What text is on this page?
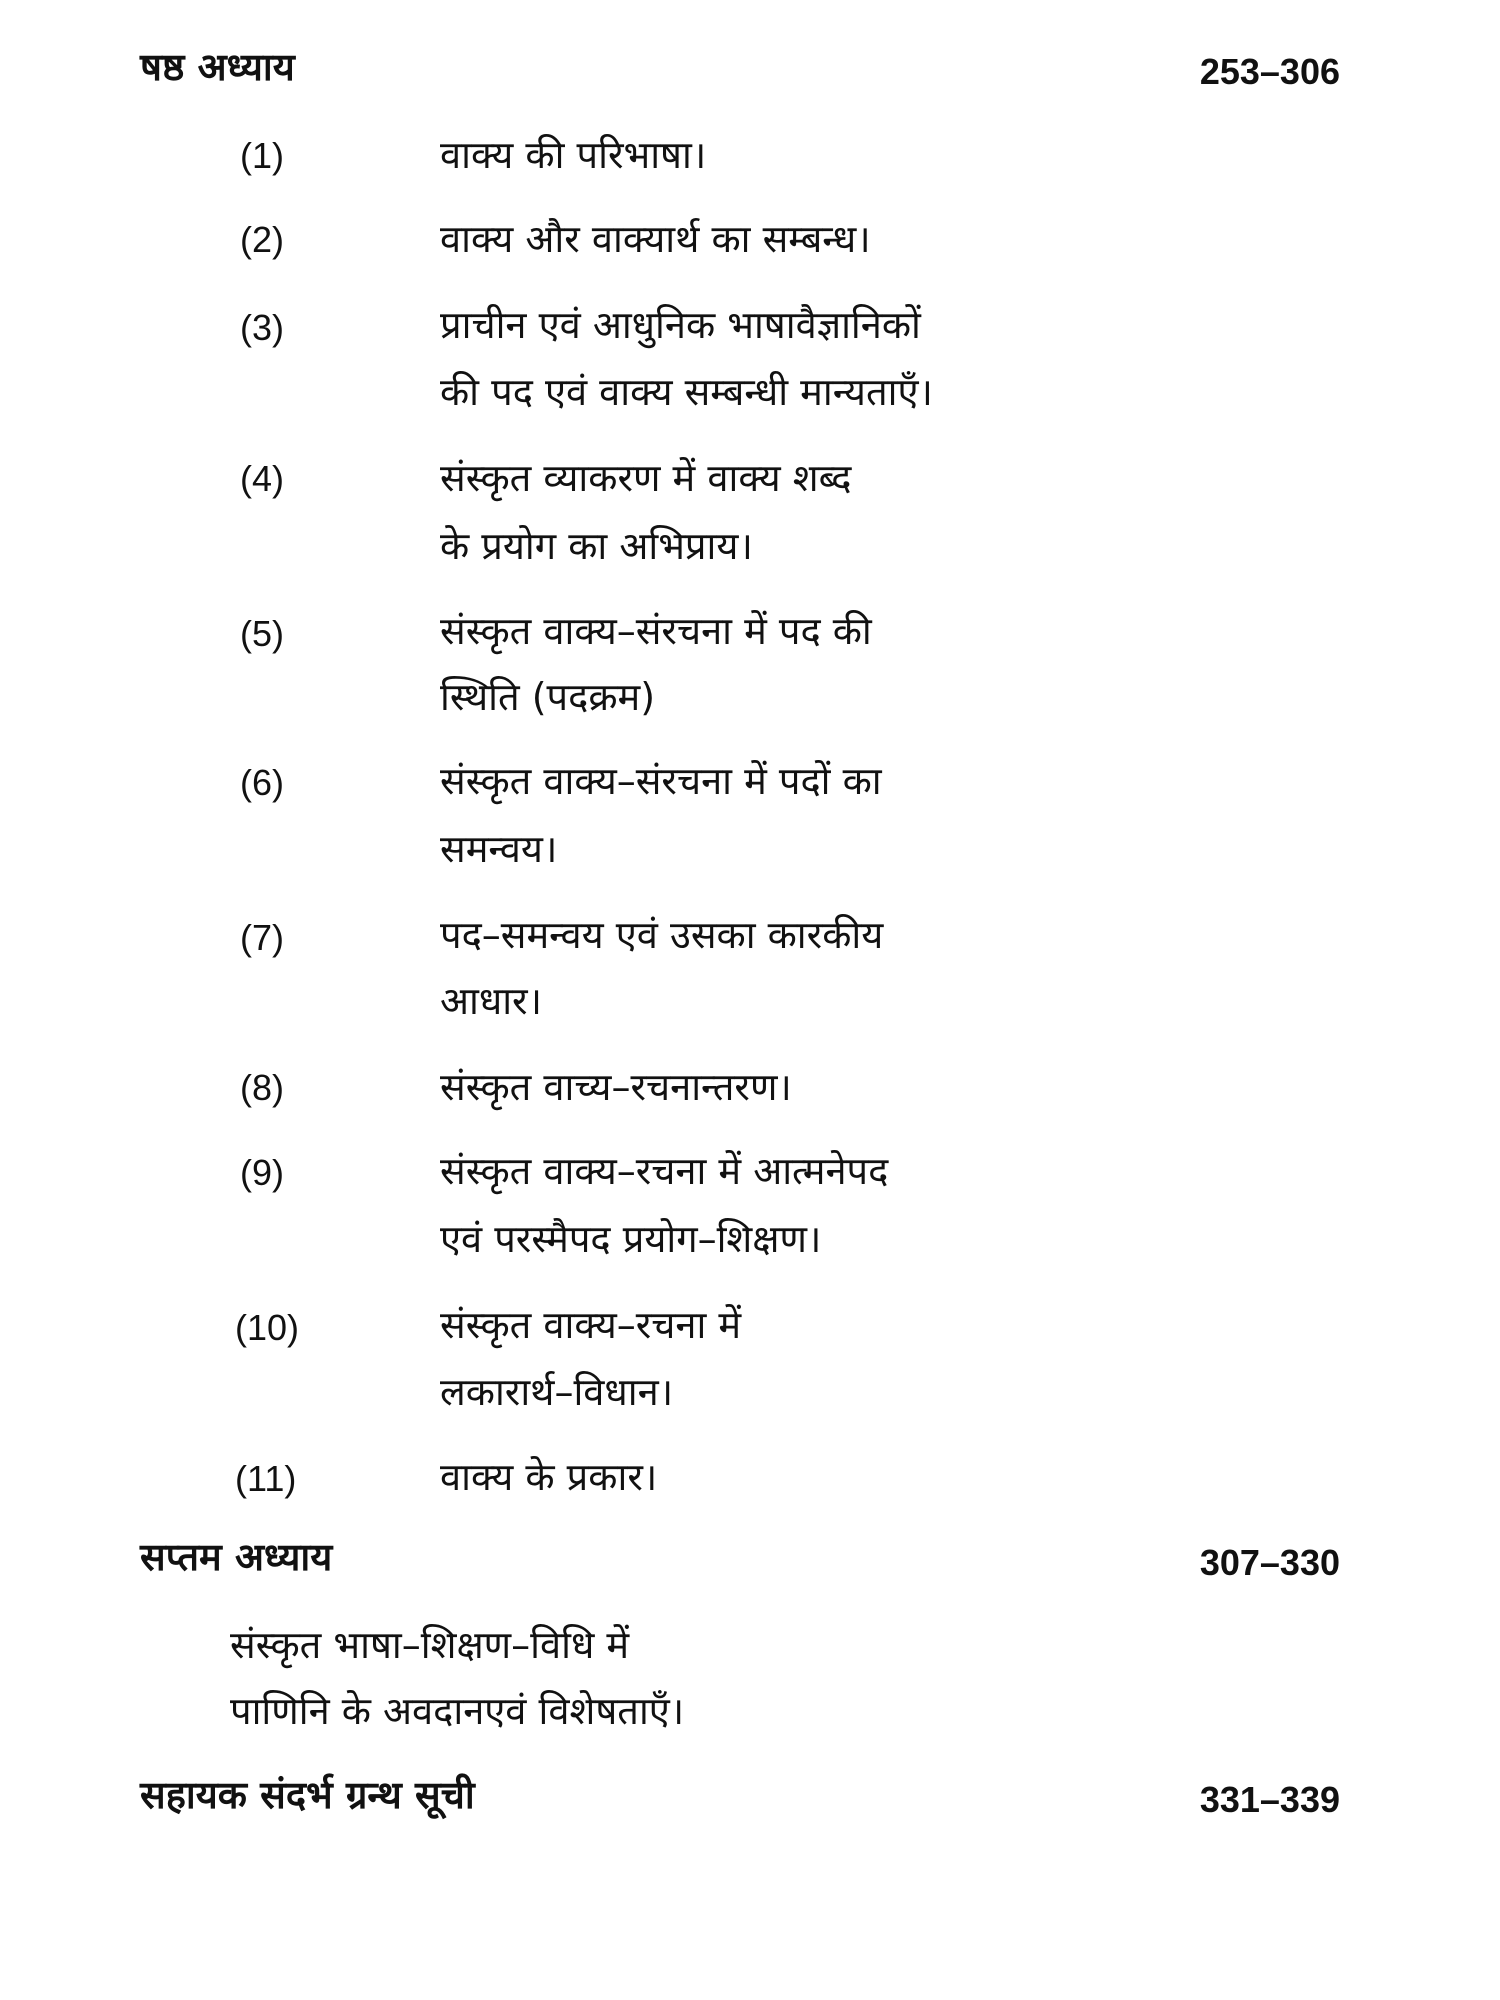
षष्ठ अध्याय	253–306
(1)	वाक्य की परिभाषा।
(2)	वाक्य और वाक्यार्थ का सम्बन्ध।
(3)	प्राचीन एवं आधुनिक भाषावैज्ञानिकों
की पद एवं वाक्य सम्बन्धी मान्यताएँ।
(4)	संस्कृत व्याकरण में वाक्य शब्द
के प्रयोग का अभिप्राय।
(5)	संस्कृत वाक्य–संरचना में पद की
स्थिति (पदक्रम)
(6)	संस्कृत वाक्य–संरचना में पदों का
समन्वय।
(7)	पद–समन्वय एवं उसका कारकीय
आधार।
(8)	संस्कृत वाच्य–रचनान्तरण।
(9)	संस्कृत वाक्य–रचना में आत्मनेपद
एवं परस्मैपद प्रयोग–शिक्षण।
(10)	संस्कृत वाक्य–रचना में
लकारार्थ–विधान।
(11)	वाक्य के प्रकार।
सप्तम अध्याय	307–330
संस्कृत भाषा–शिक्षण–विधि में
पाणिनि के अवदानएवं विशेषताएँ।
सहायक संदर्भ ग्रन्थ सूची	331–339
